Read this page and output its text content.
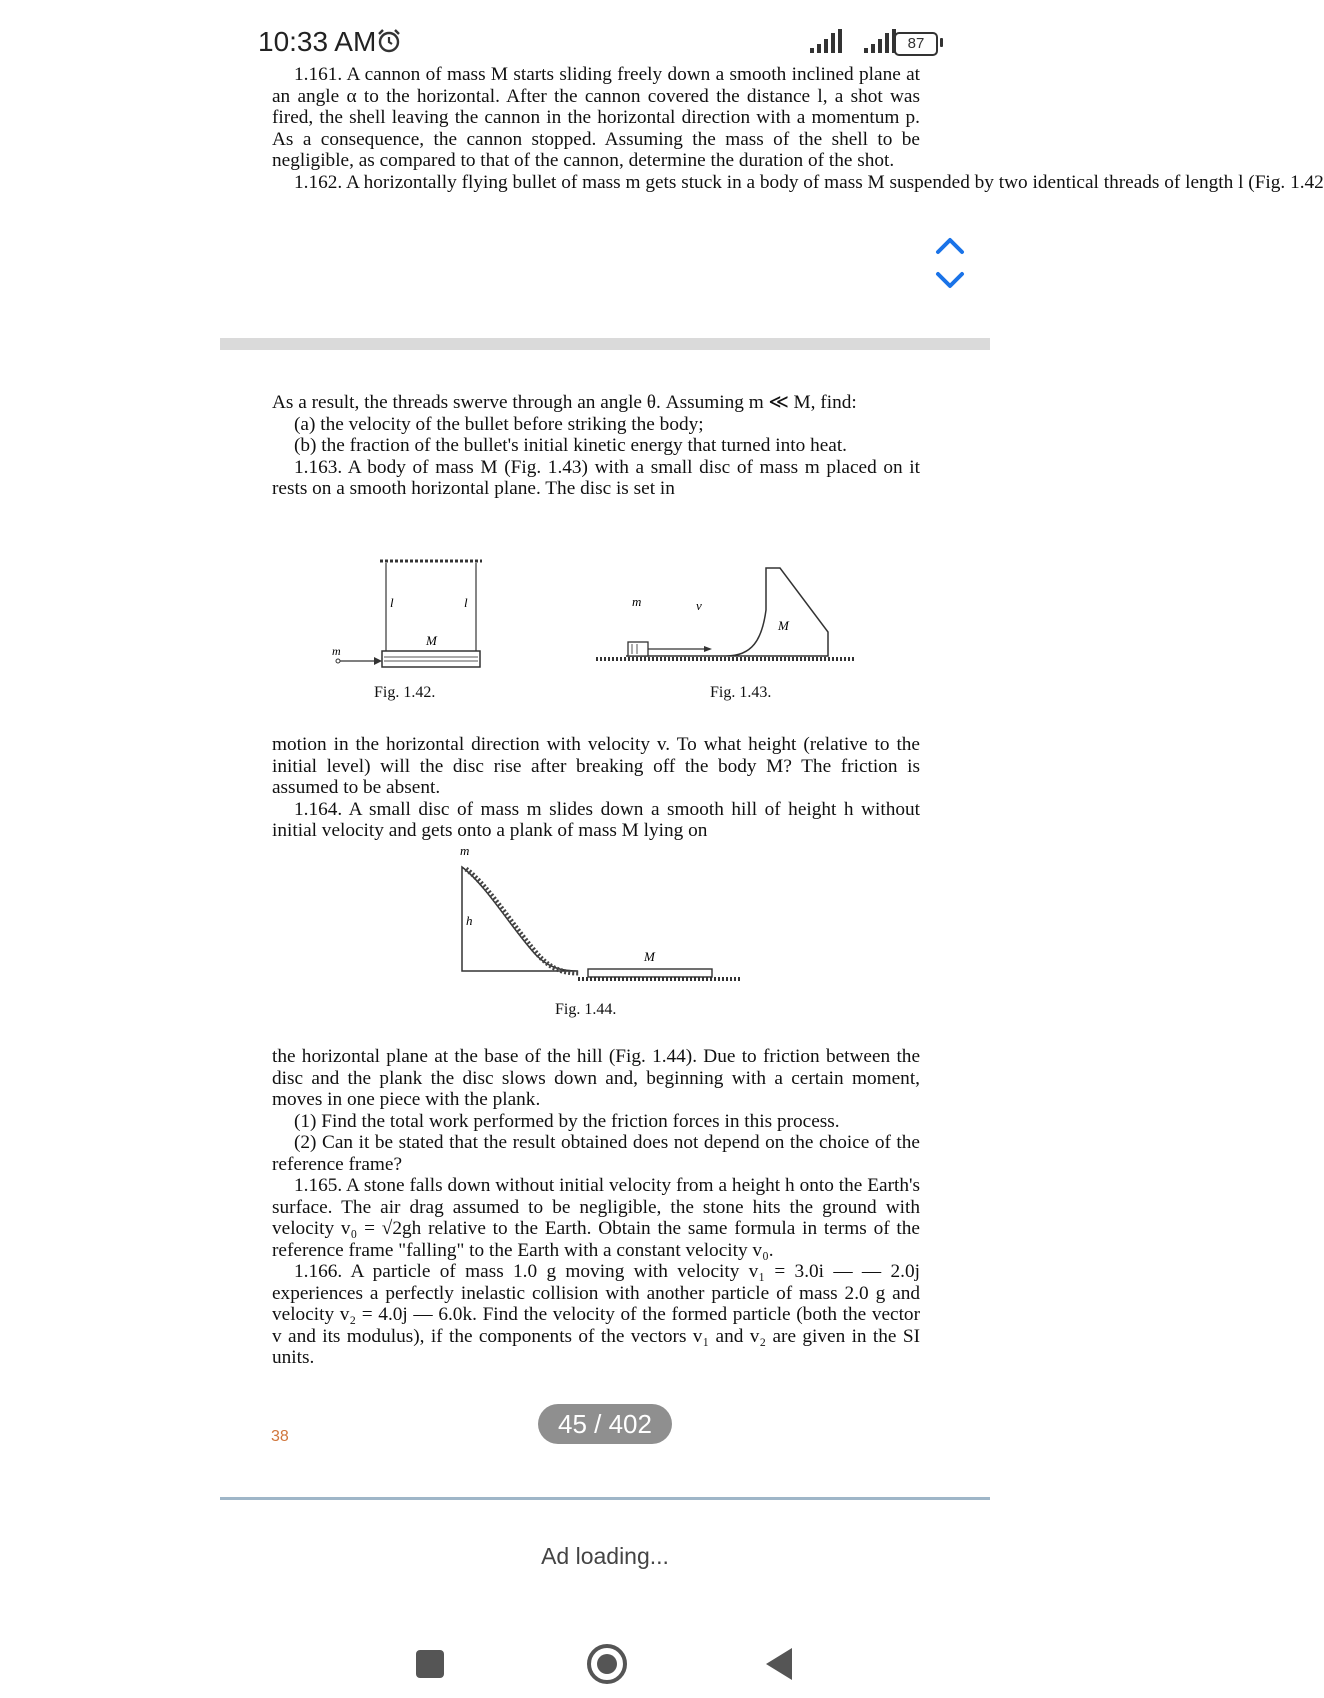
10:33 AM	87

1.161. A cannon of mass M starts sliding freely down a smooth inclined plane at an angle α to the horizontal. After the cannon covered the distance l, a shot was fired, the shell leaving the cannon in the horizontal direction with a momentum p. As a consequence, the cannon stopped. Assuming the mass of the shell to be negligible, as compared to that of the cannon, determine the duration of the shot.

1.162. A horizontally flying bullet of mass m gets stuck in a body of mass M suspended by two identical threads of length l (Fig. 1.42

As a result, the threads swerve through an angle θ. Assuming m ≪ M, find:

(a) the velocity of the bullet before striking the body;

(b) the fraction of the bullet's initial kinetic energy that turned into heat.

1.163. A body of mass M (Fig. 1.43) with a small disc of mass m placed on it rests on a smooth horizontal plane. The disc is set in

l	l
M
m
Fig. 1.42.
m	v
M
Fig. 1.43.

motion in the horizontal direction with velocity v. To what height (relative to the initial level) will the disc rise after breaking off the body M? The friction is assumed to be absent.

1.164. A small disc of mass m slides down a smooth hill of height h without initial velocity and gets onto a plank of mass M lying on

m
h
M
Fig. 1.44.

the horizontal plane at the base of the hill (Fig. 1.44). Due to friction between the disc and the plank the disc slows down and, beginning with a certain moment, moves in one piece with the plank.

(1) Find the total work performed by the friction forces in this process.

(2) Can it be stated that the result obtained does not depend on the choice of the reference frame?

1.165. A stone falls down without initial velocity from a height h onto the Earth's surface. The air drag assumed to be negligible, the stone hits the ground with velocity v₀ = √2gh relative to the Earth. Obtain the same formula in terms of the reference frame "falling" to the Earth with a constant velocity v₀.

1.166. A particle of mass 1.0 g moving with velocity v₁ = 3.0i — — 2.0j experiences a perfectly inelastic collision with another particle of mass 2.0 g and velocity v₂ = 4.0j — 6.0k. Find the velocity of the formed particle (both the vector v and its modulus), if the components of the vectors v₁ and v₂ are given in the SI units.

38	45 / 402
Ad loading...
